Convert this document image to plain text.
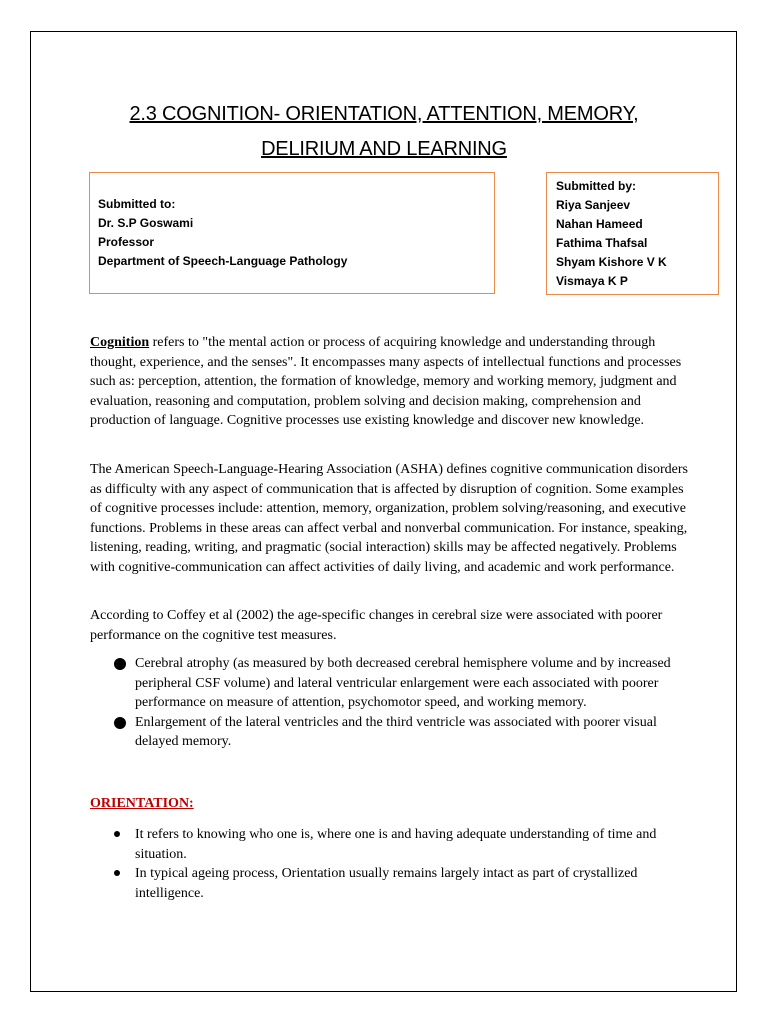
2.3 COGNITION- ORIENTATION, ATTENTION, MEMORY,
DELIRIUM AND LEARNING
Submitted to:
Dr. S.P Goswami
Professor
Department of Speech-Language Pathology
Submitted by:
Riya Sanjeev
Nahan Hameed
Fathima Thafsal
Shyam Kishore V K
Vismaya K P
Cognition refers to "the mental action or process of acquiring knowledge and understanding through thought, experience, and the senses". It encompasses many aspects of intellectual functions and processes such as: perception, attention, the formation of knowledge, memory and working memory, judgment and evaluation, reasoning and computation, problem solving and decision making, comprehension and production of language. Cognitive processes use existing knowledge and discover new knowledge.
The American Speech-Language-Hearing Association (ASHA) defines cognitive communication disorders as difficulty with any aspect of communication that is affected by disruption of cognition. Some examples of cognitive processes include: attention, memory, organization, problem solving/reasoning, and executive functions. Problems in these areas can affect verbal and nonverbal communication. For instance, speaking, listening, reading, writing, and pragmatic (social interaction) skills may be affected negatively. Problems with cognitive-communication can affect activities of daily living, and academic and work performance.
According to Coffey et al (2002) the age-specific changes in cerebral size were associated with poorer performance on the cognitive test measures.
Cerebral atrophy (as measured by both decreased cerebral hemisphere volume and by increased peripheral CSF volume) and lateral ventricular enlargement were each associated with poorer performance on measure of attention, psychomotor speed, and working memory.
Enlargement of the lateral ventricles and the third ventricle was associated with poorer visual delayed memory.
ORIENTATION:
It refers to knowing who one is, where one is and having adequate understanding of time and situation.
In typical ageing process, Orientation usually remains largely intact as part of crystallized intelligence.
